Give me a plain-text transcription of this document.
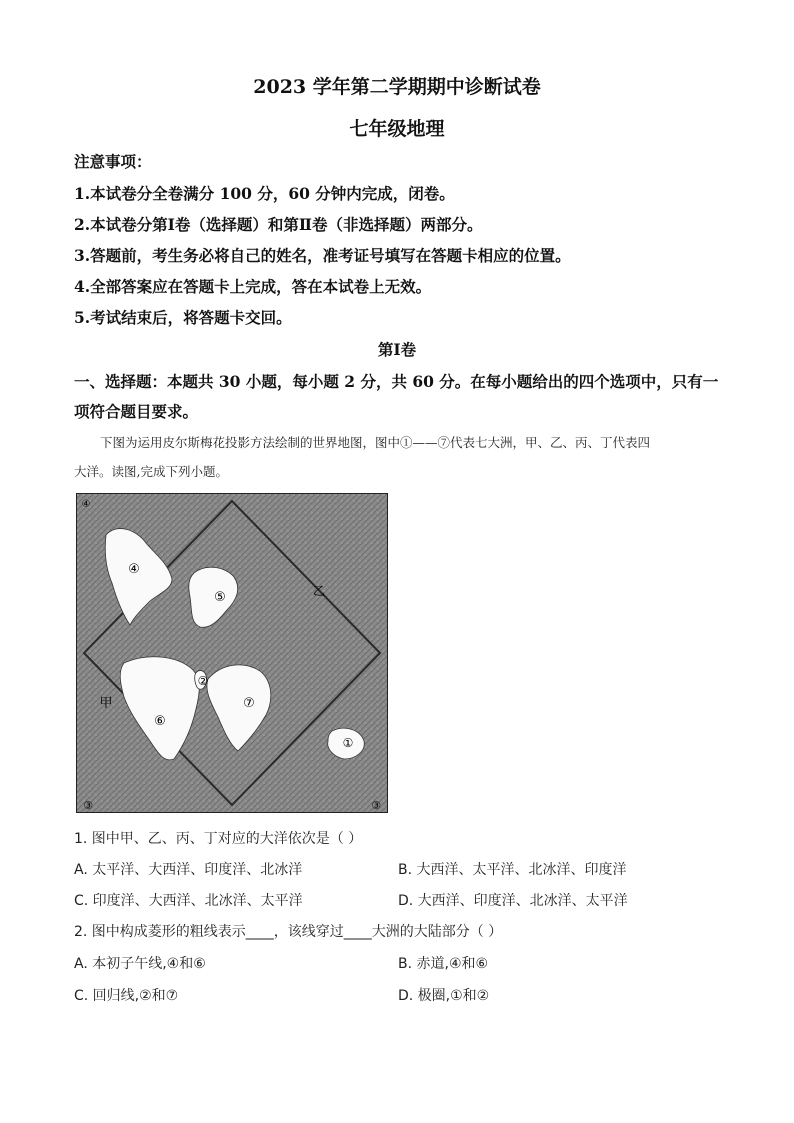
2023 学年第二学期期中诊断试卷
七年级地理
注意事项：
1.本试卷分全卷满分 100 分，60 分钟内完成，闭卷。
2.本试卷分第Ⅰ卷（选择题）和第Ⅱ卷（非选择题）两部分。
3.答题前，考生务必将自己的姓名，准考证号填写在答题卡相应的位置。
4.全部答案应在答题卡上完成，答在本试卷上无效。
5.考试结束后，将答题卡交回。
第Ⅰ卷
一、选择题：本题共 30 小题，每小题 2 分，共 60 分。在每小题给出的四个选项中，只有一
项符合题目要求。
下图为运用皮尔斯梅花投影方法绘制的世界地图，图中①——⑦代表七大洲，甲、乙、丙、丁代表四
大洋。读图,完成下列小题。
④
⑤	乙
②
⑦
甲
⑥
①
③	③
④
1. 图中甲、乙、丙、丁对应的大洋依次是（ ）
A. 太平洋、大西洋、印度洋、北冰洋	B. 大西洋、太平洋、北冰洋、印度洋
C. 印度洋、大西洋、北冰洋、太平洋	D. 大西洋、印度洋、北冰洋、太平洋
2. 图中构成菱形的粗线表示____，该线穿过____大洲的大陆部分（ ）
A. 本初子午线,④和⑥	B. 赤道,④和⑥
C. 回归线,②和⑦	D. 极圈,①和②
